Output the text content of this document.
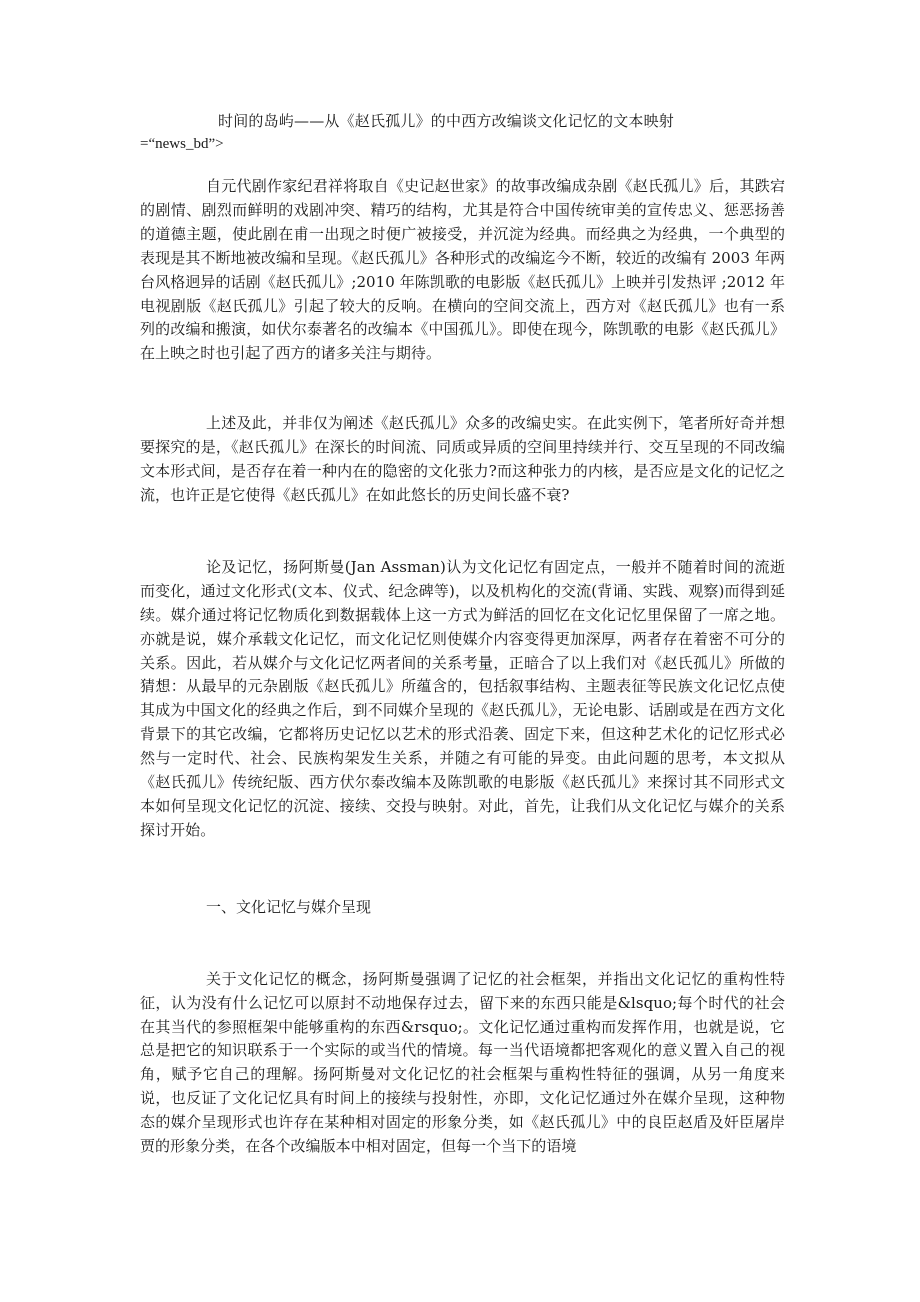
时间的岛屿——从《赵氏孤儿》的中西方改编谈文化记忆的文本映射

=“news_bd”>

自元代剧作家纪君祥将取自《史记赵世家》的故事改编成杂剧《赵氏孤儿》后，其跌宕的剧情、剧烈而鲜明的戏剧冲突、精巧的结构，尤其是符合中国传统审美的宣传忠义、惩恶扬善的道德主题，使此剧在甫一出现之时便广被接受，并沉淀为经典。而经典之为经典，一个典型的表现是其不断地被改编和呈现。《赵氏孤儿》各种形式的改编迄今不断，较近的改编有 2003 年两台风格迥异的话剧《赵氏孤儿》;2010 年陈凯歌的电影版《赵氏孤儿》上映并引发热评 ;2012 年电视剧版《赵氏孤儿》引起了较大的反响。在横向的空间交流上，西方对《赵氏孤儿》也有一系列的改编和搬演，如伏尔泰著名的改编本《中国孤儿》。即使在现今，陈凯歌的电影《赵氏孤儿》在上映之时也引起了西方的诸多关注与期待。

上述及此，并非仅为阐述《赵氏孤儿》众多的改编史实。在此实例下，笔者所好奇并想要探究的是，《赵氏孤儿》在深长的时间流、同质或异质的空间里持续并行、交互呈现的不同改编文本形式间，是否存在着一种内在的隐密的文化张力?而这种张力的内核，是否应是文化的记忆之流，也许正是它使得《赵氏孤儿》在如此悠长的历史间长盛不衰?

论及记忆，扬阿斯曼(Jan Assman)认为文化记忆有固定点，一般并不随着时间的流逝而变化，通过文化形式(文本、仪式、纪念碑等)，以及机构化的交流(背诵、实践、观察)而得到延续。媒介通过将记忆物质化到数据载体上这一方式为鲜活的回忆在文化记忆里保留了一席之地。亦就是说，媒介承载文化记忆，而文化记忆则使媒介内容变得更加深厚，两者存在着密不可分的关系。因此，若从媒介与文化记忆两者间的关系考量，正暗合了以上我们对《赵氏孤儿》所做的猜想：从最早的元杂剧版《赵氏孤儿》所蕴含的，包括叙事结构、主题表征等民族文化记忆点使其成为中国文化的经典之作后，到不同媒介呈现的《赵氏孤儿》，无论电影、话剧或是在西方文化背景下的其它改编，它都将历史记忆以艺术的形式沿袭、固定下来，但这种艺术化的记忆形式必然与一定时代、社会、民族构架发生关系，并随之有可能的异变。由此问题的思考，本文拟从《赵氏孤儿》传统纪版、西方伏尔泰改编本及陈凯歌的电影版《赵氏孤儿》来探讨其不同形式文本如何呈现文化记忆的沉淀、接续、交投与映射。对此，首先，让我们从文化记忆与媒介的关系探讨开始。

一、文化记忆与媒介呈现

关于文化记忆的概念，扬阿斯曼强调了记忆的社会框架，并指出文化记忆的重构性特征，认为没有什么记忆可以原封不动地保存过去，留下来的东西只能是&lsquo;每个时代的社会在其当代的参照框架中能够重构的东西&rsquo;。文化记忆通过重构而发挥作用，也就是说，它总是把它的知识联系于一个实际的或当代的情境。每一当代语境都把客观化的意义置入自己的视角，赋予它自己的理解。扬阿斯曼对文化记忆的社会框架与重构性特征的强调，从另一角度来说，也反证了文化记忆具有时间上的接续与投射性，亦即，文化记忆通过外在媒介呈现，这种物态的媒介呈现形式也许存在某种相对固定的形象分类，如《赵氏孤儿》中的良臣赵盾及奸臣屠岸贾的形象分类，在各个改编版本中相对固定，但每一个当下的语境
